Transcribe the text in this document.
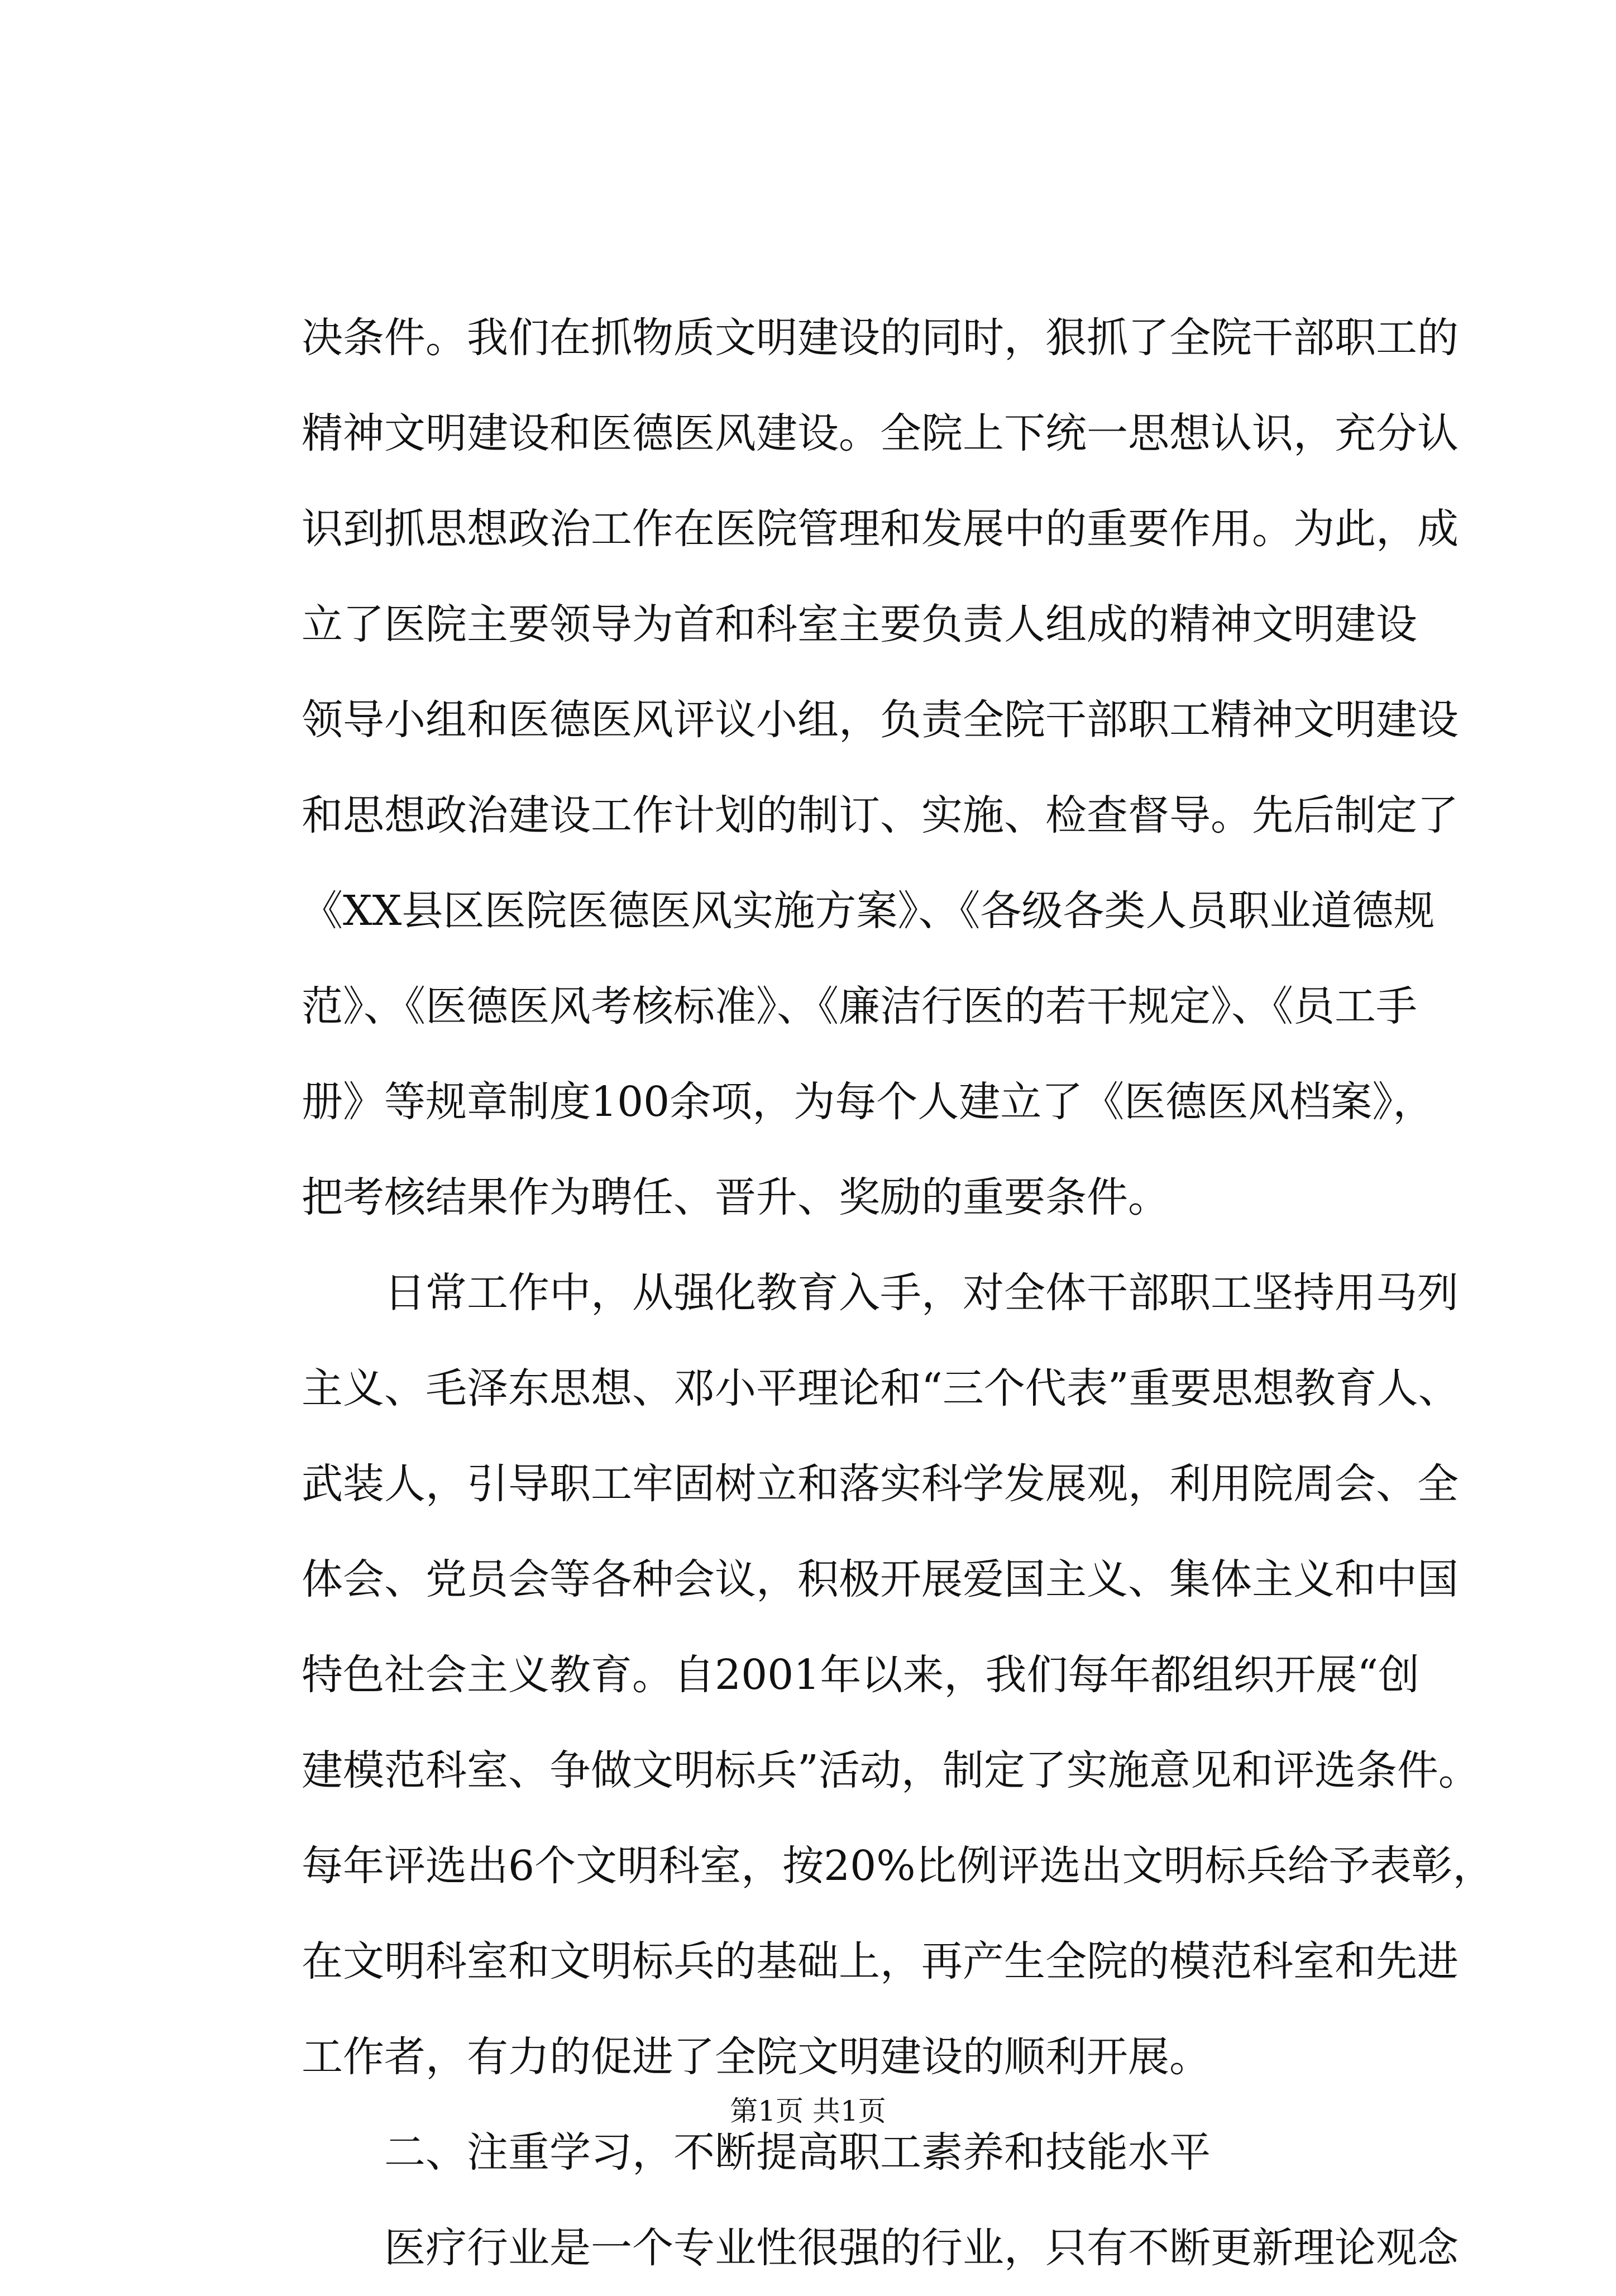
决条件。我们在抓物质文明建设的同时，狠抓了全院干部职工的
精神文明建设和医德医风建设。全院上下统一思想认识，充分认
识到抓思想政治工作在医院管理和发展中的重要作用。为此，成
立了医院主要领导为首和科室主要负责人组成的精神文明建设
领导小组和医德医风评议小组，负责全院干部职工精神文明建设
和思想政治建设工作计划的制订、实施、检查督导。先后制定了
《XX县区医院医德医风实施方案》、《各级各类人员职业道德规
范》、《医德医风考核标准》、《廉洁行医的若干规定》、《员工手
册》等规章制度100余项，为每个人建立了《医德医风档案》，
把考核结果作为聘任、晋升、奖励的重要条件。
日常工作中，从强化教育入手，对全体干部职工坚持用马列
主义、毛泽东思想、邓小平理论和“三个代表”重要思想教育人、
武装人，引导职工牢固树立和落实科学发展观，利用院周会、全
体会、党员会等各种会议，积极开展爱国主义、集体主义和中国
特色社会主义教育。自2001年以来，我们每年都组织开展“创
建模范科室、争做文明标兵”活动，制定了实施意见和评选条件。
每年评选出6个文明科室，按20%比例评选出文明标兵给予表彰，
在文明科室和文明标兵的基础上，再产生全院的模范科室和先进
工作者，有力的促进了全院文明建设的顺利开展。
二、注重学习，不断提高职工素养和技能水平
医疗行业是一个专业性很强的行业，只有不断更新理论观念
第1页 共1页
